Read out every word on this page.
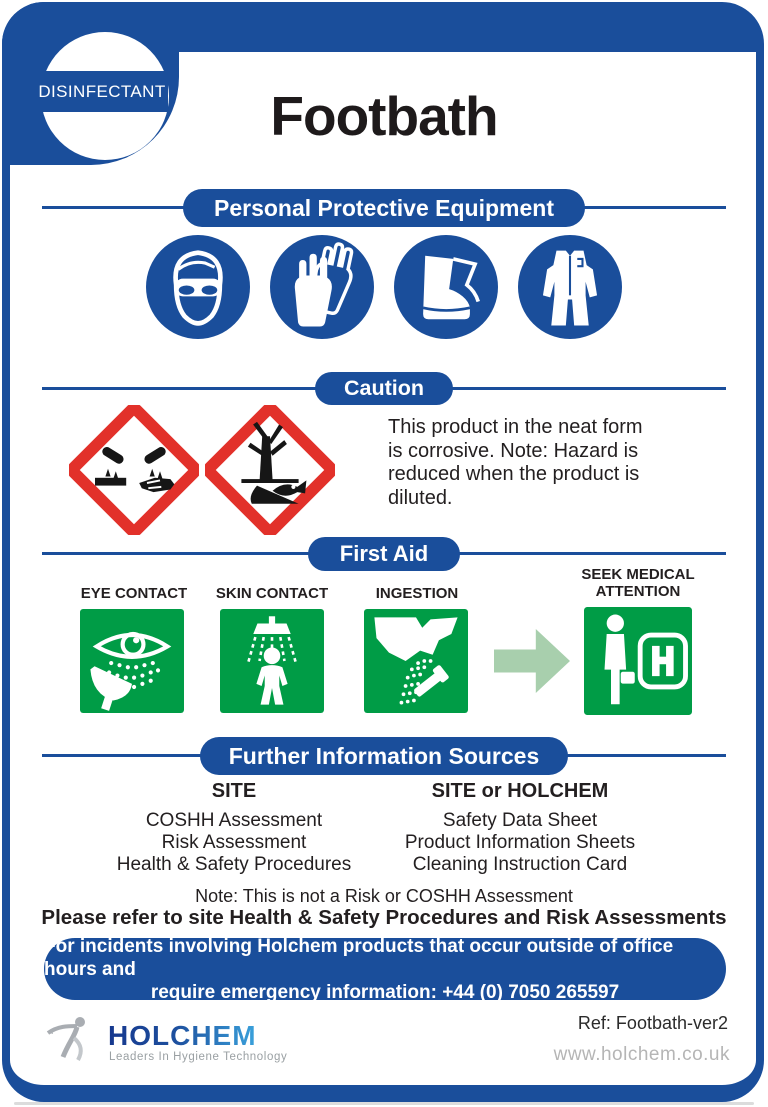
DISINFECTANT	Footbath
Personal Protective Equipment
Caution
This product in the neat form is corrosive. Note: Hazard is reduced when the product is diluted.
First Aid
EYE CONTACT	SKIN CONTACT	INGESTION
SEEK MEDICAL ATTENTION
Further Information Sources
SITE

COSHH Assessment

Risk Assessment

Health & Safety Procedures

SITE or HOLCHEM

Safety Data Sheet

Product Information Sheets

Cleaning Instruction Card

Note: This is not a Risk or COSHH Assessment
Please refer to site Health & Safety Procedures and Risk Assessments
For incidents involving Holchem products that occur outside of office hours and
require emergency information: +44 (0) 7050 265597
HOLCHEM
Leaders In Hygiene Technology
Ref: Footbath-ver2
www.holchem.co.uk
